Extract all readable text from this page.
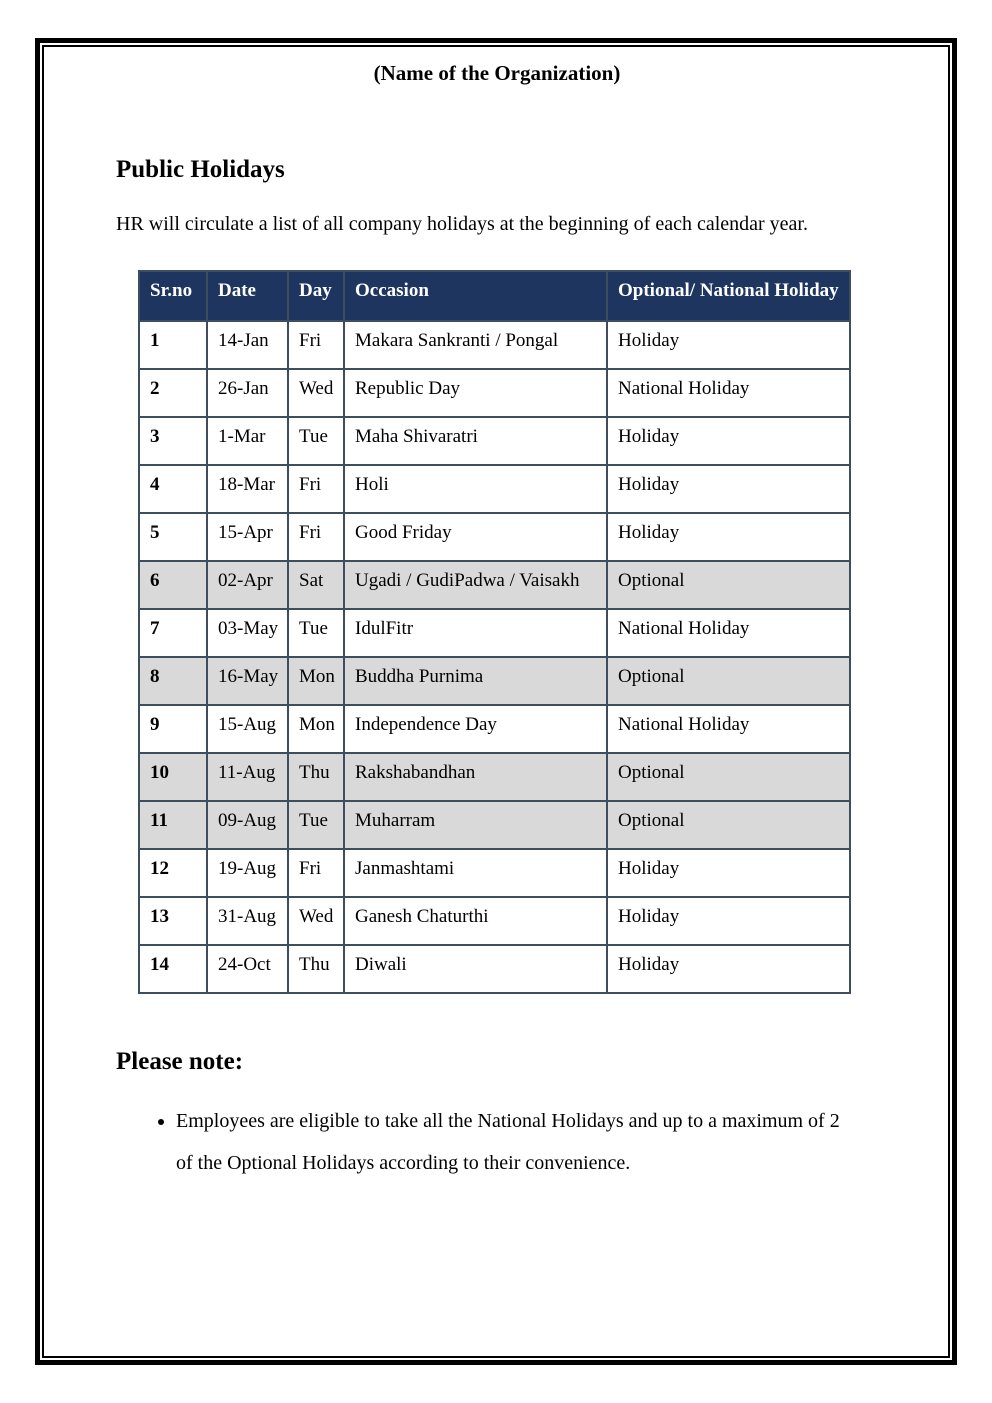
(Name of the Organization)
Public Holidays

HR will circulate a list of all company holidays at the beginning of each calendar year.

Sr.no	Date	Day	Occasion	Optional/ National Holiday
1	14-Jan	Fri	Makara Sankranti / Pongal	Holiday
2	26-Jan	Wed	Republic Day	National Holiday
3	1-Mar	Tue	Maha Shivaratri	Holiday
4	18-Mar	Fri	Holi	Holiday
5	15-Apr	Fri	Good Friday	Holiday
6	02-Apr	Sat	Ugadi / GudiPadwa / Vaisakh	Optional
7	03-May	Tue	IdulFitr	National Holiday
8	16-May	Mon	Buddha Purnima	Optional
9	15-Aug	Mon	Independence Day	National Holiday
10	11-Aug	Thu	Rakshabandhan	Optional
11	09-Aug	Tue	Muharram	Optional
12	19-Aug	Fri	Janmashtami	Holiday
13	31-Aug	Wed	Ganesh Chaturthi	Holiday
14	24-Oct	Thu	Diwali	Holiday
Please note:
• Employees are eligible to take all the National Holidays and up to a maximum of 2 of the Optional Holidays according to their convenience.
